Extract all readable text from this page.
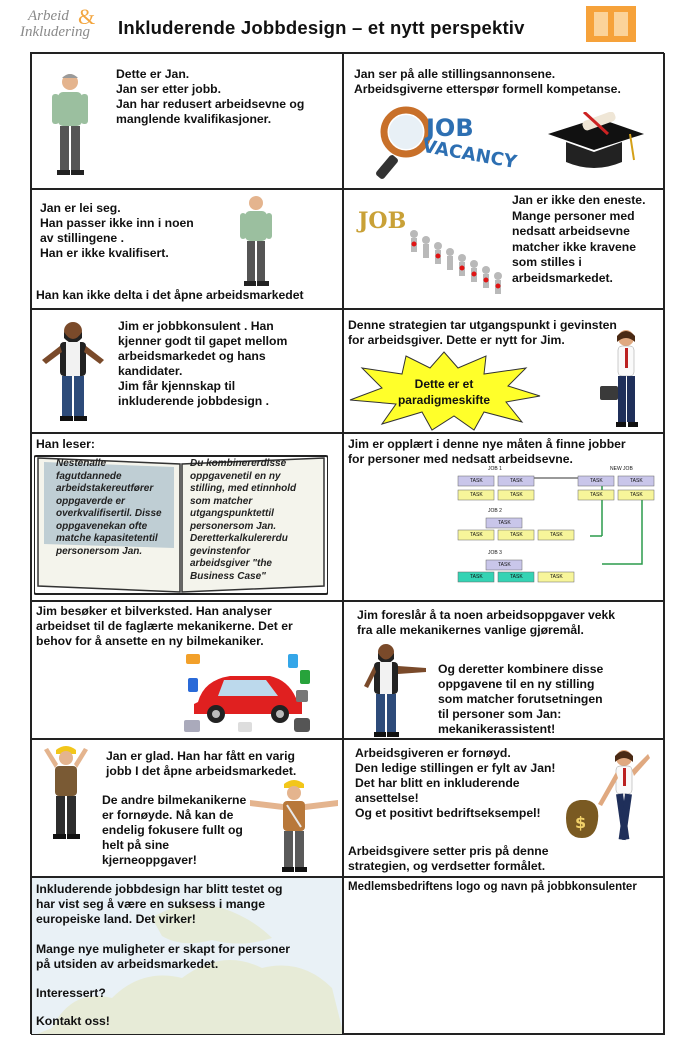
Arbeid &
Inkludering Inkluderende Jobbdesign – et nytt perspektiv
Dette er Jan.
Jan ser etter jobb.
Jan har redusert arbeidsevne og
manglende kvalifikasjoner.
Jan ser på alle stillingsannonsene.
Arbeidsgiverne etterspør formell kompetanse.
JOB
VACANCY
Jan er lei seg.
Han passer ikke inn i noen
av stillingene .
Han er ikke kvalifisert.
Han kan ikke delta i det åpne arbeidsmarkedet
JOB
Jan er ikke den eneste.
Mange personer med
nedsatt arbeidsevne
matcher ikke kravene
som stilles i
arbeidsmarkedet.
Jim er jobbkonsulent . Han
kjenner godt til gapet mellom
arbeidsmarkedet og hans
kandidater.
Jim får kjennskap til
inkluderende jobbdesign .
Denne strategien tar utgangspunkt i gevinsten
for arbeidsgiver. Dette er nytt for Jim.
Dette er et
paradigmeskifte
Han leser:
Nestenalle
fagutdannede
arbeidstakereutfører
oppgaverde er
overkvalifisertil. Disse
oppgavenekan ofte
matche kapasitetentil
personersom Jan.
Du kombinererdisse
oppgavenetil en ny
stilling, med etinnhold
som matcher
utgangspunktettil
personersom Jan.
Deretterkalkulererdu
gevinstenfor
arbeidsgiver "the
Business Case"
Jim er opplært i denne nye måten å finne jobber
for personer med nedsatt arbeidsevne.
JOB 1	NEW JOB
JOB 2
JOB 3
TASK	TASK	TASK	TASK
TASK	TASK	TASK	TASK
TASK
TASK	TASK	TASK
TASK
TASK	TASK	TASK
Jim besøker et bilverksted. Han analyser
arbeidset til de faglærte mekanikerne. Det er
behov for å ansette en ny bilmekaniker.
Jim foreslår å ta noen arbeidsoppgaver vekk
fra alle mekanikernes vanlige gjøremål.
Og deretter kombinere disse
oppgavene til en ny stilling
som matcher forutsetningen
til personer som Jan:
mekanikerassistent!
Jan er glad. Han har fått en varig
jobb I det åpne arbeidsmarkedet.
De andre bilmekanikerne
er fornøyde. Nå kan de
endelig fokusere fullt og
helt på sine
kjerneoppgaver!
Arbeidsgiveren er fornøyd.
Den ledige stillingen er fylt av Jan!
Det har blitt en inkluderende
ansettelse!
Og et positivt bedriftseksempel!	$
Arbeidsgivere setter pris på denne
strategien, og verdsetter formålet.
Inkluderende jobbdesign har blitt testet og
har vist seg å være en suksess i mange
europeiske land. Det virker!
Mange nye muligheter er skapt for personer
på utsiden av arbeidsmarkedet.
Interessert?
Kontakt oss!
Medlemsbedriftens logo og navn på jobbkonsulenter
